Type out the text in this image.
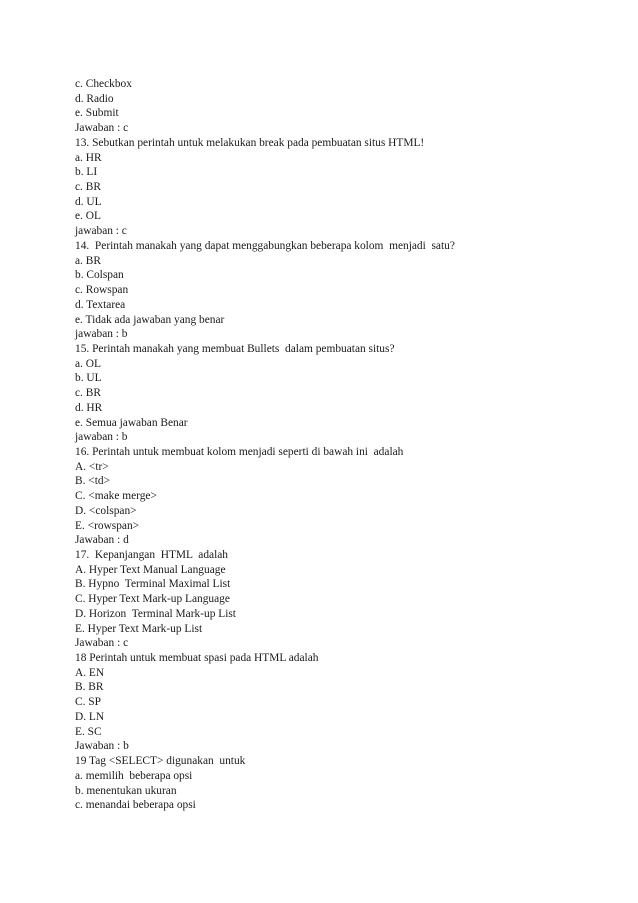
c. Checkbox
d. Radio
e. Submit
Jawaban : c
13. Sebutkan perintah untuk melakukan break pada pembuatan situs HTML!
a. HR
b. LI
c. BR
d. UL
e. OL
jawaban : c
14.  Perintah manakah yang dapat menggabungkan beberapa kolom  menjadi  satu?
a. BR
b. Colspan
c. Rowspan
d. Textarea
e. Tidak ada jawaban yang benar
jawaban : b
15. Perintah manakah yang membuat Bullets  dalam pembuatan situs?
a. OL
b. UL
c. BR
d. HR
e. Semua jawaban Benar
jawaban : b
16. Perintah untuk membuat kolom menjadi seperti di bawah ini  adalah
A. <tr>
B. <td>
C. <make merge>
D. <colspan>
E. <rowspan>
Jawaban : d
17.  Kepanjangan  HTML  adalah
A. Hyper Text Manual Language
B. Hypno  Terminal Maximal List
C. Hyper Text Mark-up Language
D. Horizon  Terminal Mark-up List
E. Hyper Text Mark-up List
Jawaban : c
18 Perintah untuk membuat spasi pada HTML adalah
A. EN
B. BR
C. SP
D. LN
E. SC
Jawaban : b
19 Tag <SELECT> digunakan  untuk
a. memilih  beberapa opsi
b. menentukan ukuran
c. menandai beberapa opsi
